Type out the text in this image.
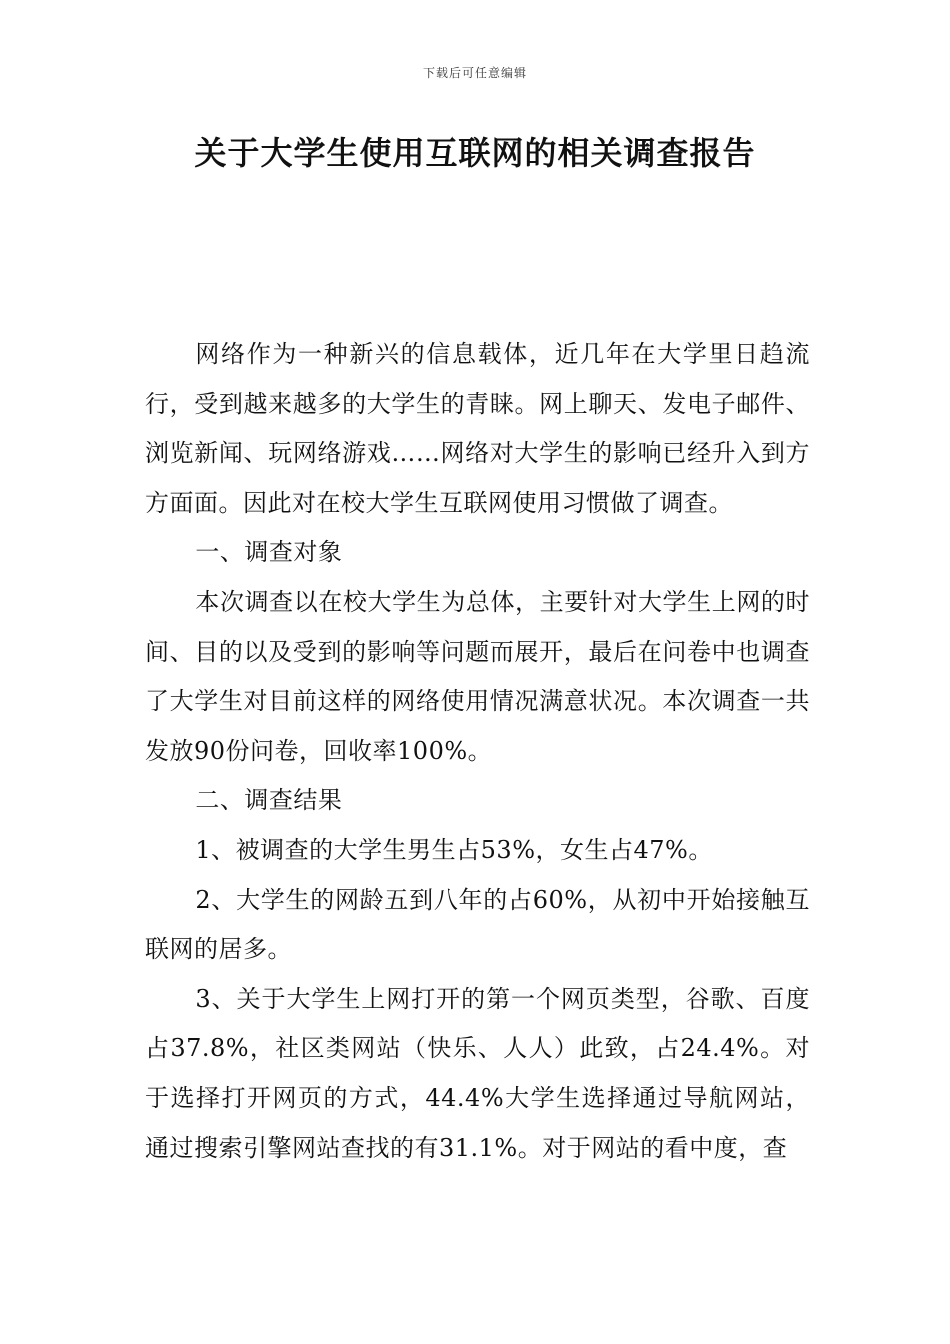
下载后可任意编辑
关于大学生使用互联网的相关调查报告

网络作为一种新兴的信息载体，近几年在大学里日趋流行，受到越来越多的大学生的青睐。网上聊天、发电子邮件、浏览新闻、玩网络游戏……网络对大学生的影响已经升入到方方面面。因此对在校大学生互联网使用习惯做了调查。

一、调查对象

本次调查以在校大学生为总体，主要针对大学生上网的时间、目的以及受到的影响等问题而展开，最后在问卷中也调查了大学生对目前这样的网络使用情况满意状况。本次调查一共发放90份问卷，回收率100%。

二、调查结果

1、被调查的大学生男生占53%，女生占47%。

2、大学生的网龄五到八年的占60%，从初中开始接触互联网的居多。

3、关于大学生上网打开的第一个网页类型，谷歌、百度占37.8%，社区类网站（快乐、人人）此致，占24.4%。对于选择打开网页的方式，44.4%大学生选择通过导航网站，通过搜索引擎网站查找的有31.1%。对于网站的看中度，查
